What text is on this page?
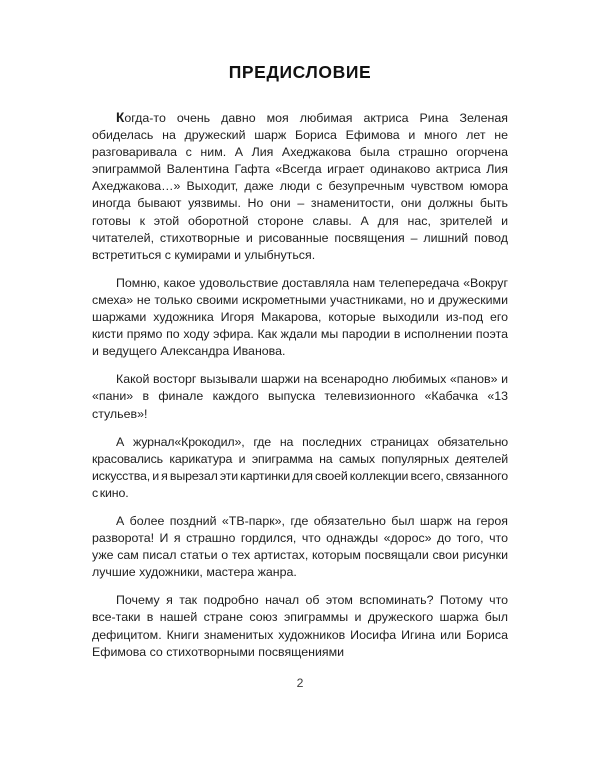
ПРЕДИСЛОВИЕ

Когда-то очень давно моя любимая актриса Рина Зеленая обиделась на дружеский шарж Бориса Ефимова и много лет не разговаривала с ним. А Лия Ахеджакова была страшно огорчена эпиграммой Валентина Гафта «Всегда играет одинаково актриса Лия Ахеджакова…» Выходит, даже люди с безупречным чувством юмора иногда бывают уязвимы. Но они – знаменитости, они должны быть готовы к этой оборотной стороне славы. А для нас, зрителей и читателей, стихотворные и рисованные посвящения – лишний повод встретиться с кумирами и улыбнуться.

Помню, какое удовольствие доставляла нам телепередача «Вокруг смеха» не только своими искрометными участниками, но и дружескими шаржами художника Игоря Макарова, которые выходили из-под его кисти прямо по ходу эфира. Как ждали мы пародии в исполнении поэта и ведущего Александра Иванова.

Какой восторг вызывали шаржи на всенародно любимых «панов» и «пани» в финале каждого выпуска телевизионного «Кабачка «13 стульев»!

А журнал«Крокодил», где на последних страницах обязательно красовались карикатура и эпиграмма на самых популярных деятелей искусства, и я вырезал эти картинки для своей коллекции всего, связанного с кино.

А более поздний «ТВ-парк», где обязательно был шарж на героя разворота! И я страшно гордился, что однажды «дорос» до того, что уже сам писал статьи о тех артистах, которым посвящали свои рисунки лучшие художники, мастера жанра.

Почему я так подробно начал об этом вспоминать? Потому что все-таки в нашей стране союз эпиграммы и дружеского шаржа был дефицитом. Книги знаменитых художников Иосифа Игина или Бориса Ефимова со стихотворными посвящениями

2
